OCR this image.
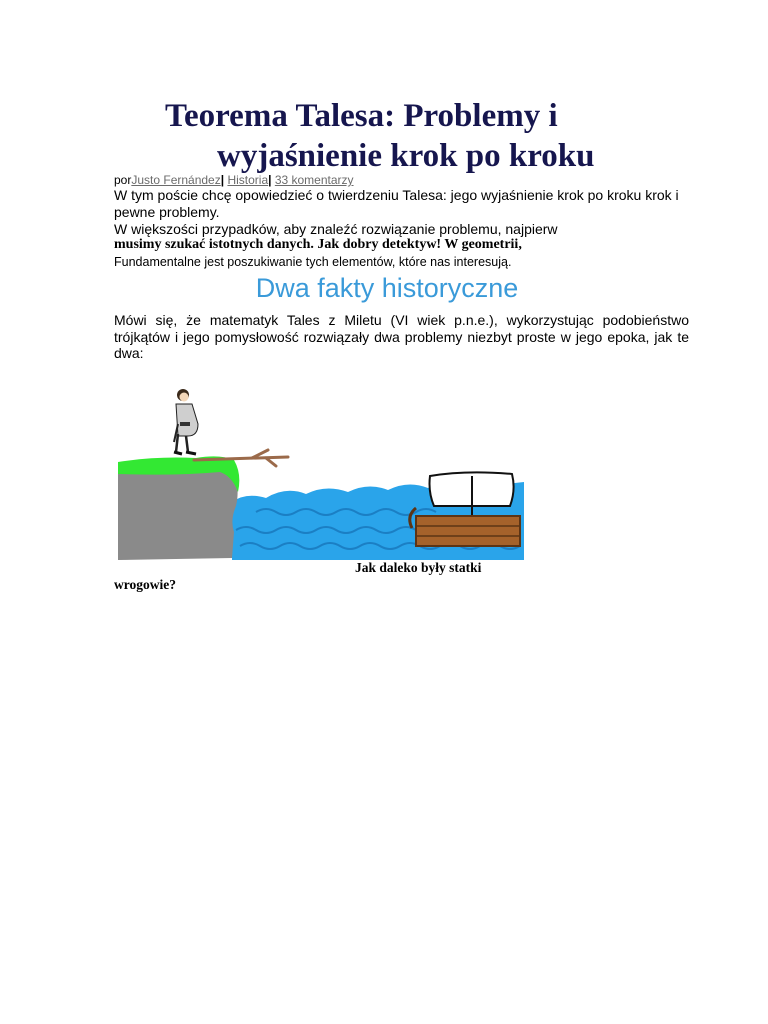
Teorema Talesa: Problemy i
wyjaśnienie krok po kroku
porJusto Fernández| Historia| 33 komentarzy

W tym poście chcę opowiedzieć o twierdzeniu Talesa: jego wyjaśnienie krok po kroku krok i pewne problemy.

W większości przypadków, aby znaleźć rozwiązanie problemu, najpierw

musimy szukać istotnych danych. Jak dobry detektyw! W geometrii,

Fundamentalne jest poszukiwanie tych elementów, które nas interesują.

Dwa fakty historyczne

Mówi się, że matematyk Tales z Miletu (VI wiek p.n.e.), wykorzystując podobieństwo trójkątów i jego pomysłowość rozwiązały dwa problemy niezbyt proste w jego epoka, jak te dwa:

Jak daleko były statki
wrogowie?
